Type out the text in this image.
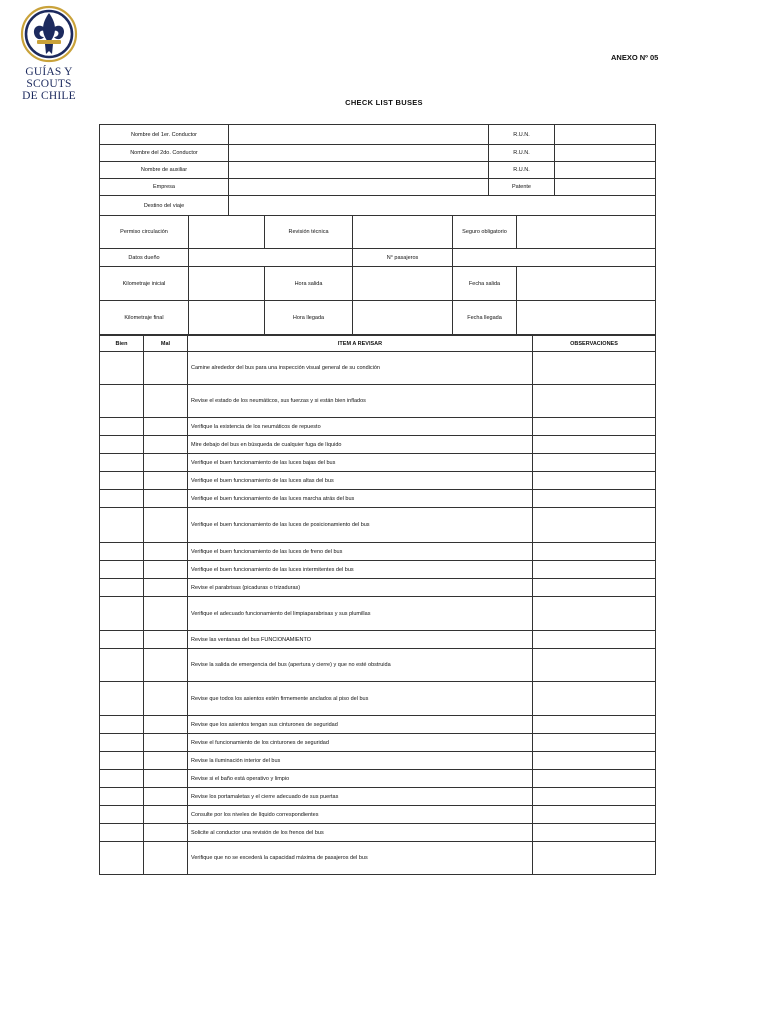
GUÍAS Y SCOUTS
DE CHILE
ANEXO Nº 05
CHECK LIST BUSES
Nombre del 1er. Conductor		R.U.N.	
Nombre del 2do. Conductor		R.U.N.	
Nombre de auxiliar		R.U.N.	
Empresa		Patente	
Destino del viaje			
Permiso circulación		Revisión técnica		Seguro obligatorio	
Datos dueño			N° pasajeros		
Kilometraje inicial		Hora salida		Fecha salida	
Kilometraje final		Hora llegada		Fecha llegada	
Bien	Mal	ITEM A REVISAR	OBSERVACIONES
		Camine alrededor del bus para una inspección visual general de su condición	
		Revise el estado de los neumáticos, sus fuerzas y si están bien inflados	
		Verifique la existencia de los neumáticos de repuesto	
		Mire debajo del bus en búsqueda de cualquier fuga de líquido	
		Verifique el buen funcionamiento de las luces bajas del bus	
		Verifique el buen funcionamiento de las luces altas del bus	
		Verifique el buen funcionamiento de las luces marcha atrás del bus	
		Verifique el buen funcionamiento de las luces de posicionamiento del bus	
		Verifique el buen funcionamiento de las luces de freno del bus	
		Verifique el buen funcionamiento de las luces intermitentes del bus	
		Revise el parabrisas (picaduras o trizaduras)	
		Verifique el adecuado funcionamiento del limpiaparabrisas y sus plumillas	
		Revise las ventanas del bus FUNCIONAMIENTO	
		Revise la salida de emergencia del bus (apertura y cierre) y que no esté obstruida	
		Revise que todos los asientos estén firmemente anclados al piso del bus	
		Revise que los asientos tengan sus cinturones de seguridad	
		Revise el funcionamiento de los cinturones de seguridad	
		Revise la iluminación interior del bus	
		Revise si el baño está operativo y limpio	
		Revise los portamaletas y el cierre adecuado de sus puertas	
		Consulte por los niveles de líquido correspondientes	
		Solicite al conductor una revisión de los frenos del bus	
		Verifique que no se excederá la capacidad máxima de pasajeros del bus	
